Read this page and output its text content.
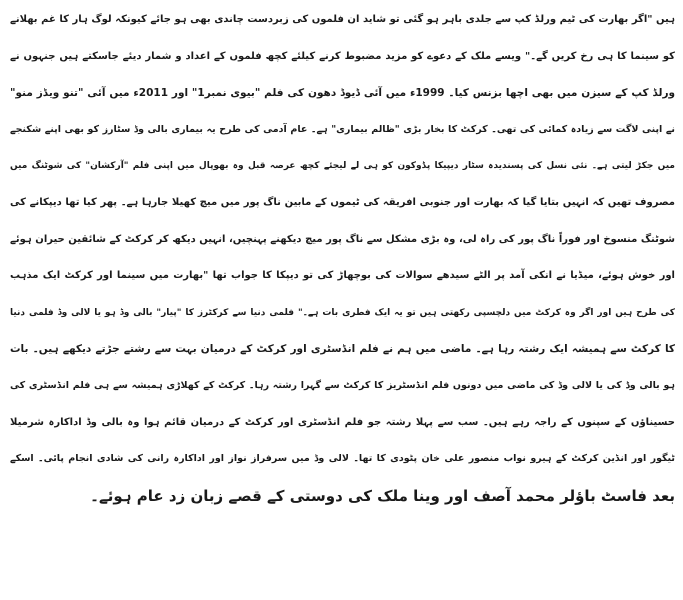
ہیں "اگر بھارت کی ٹیم ورلڈ کپ سے جلدی باہر ہو گئی تو شاید ان فلموں کی زبردست چاندی بھی ہو جائے کیونکہ لوگ ہار کا غم بھلانے
کو سینما کا ہی رخ کریں گے۔" ویسے ملک کے دعوے کو مزید مضبوط کرنے کیلئے کچھ فلموں کے اعداد و شمار دیئے جاسکتے ہیں جنہوں نے
ورلڈ کپ کے سیزن میں بھی اچھا بزنس کیا۔ 1999ء میں آئی ڈیوڈ دھون کی فلم "بیوی نمبر1" اور 2011ء میں آئی "تنو ویڈز منو"
نے اپنی لاگت سے زیادہ کمائی کی تھی۔ کرکٹ کا بخار بڑی "ظالم بیماری" ہے۔ عام آدمی کی طرح یہ بیماری بالی وڈ سٹارز کو بھی اپنے شکنجے
میں جکڑ لیتی ہے۔ نئی نسل کی پسندیدہ سٹار دیپیکا پڈوکون کو ہی لے لیجئے کچھ عرصہ قبل وہ بھوپال میں اپنی فلم "آرکشان" کی شوٹنگ میں
مصروف تھیں کہ انہیں بتایا گیا کہ بھارت اور جنوبی افریقہ کی ٹیموں کے مابین ناگ پور میں میچ کھیلا جارہا ہے۔ پھر کیا تھا دیپکانے کی
شوٹنگ منسوخ اور فوراً ناگ پور کی راہ لی، وہ بڑی مشکل سے ناگ پور میچ دیکھنے پہنچیں، انہیں دیکھ کر کرکٹ کے شائقین حیران ہوئے
اور خوش ہوئے، میڈیا نے انکی آمد پر الٹے سیدھے سوالات کی بوچھاڑ کی تو دیپکا کا جواب تھا "بھارت میں سینما اور کرکٹ ایک مذہب
کی طرح ہیں اور اگر وہ کرکٹ میں دلچسپی رکھتی ہیں تو یہ ایک فطری بات ہے۔" فلمی دنیا سے کرکٹرز کا "پیار" بالی وڈ ہو یا لالی وڈ فلمی دنیا
کا کرکٹ سے ہمیشہ ایک رشتہ رہا ہے۔ ماضی میں ہم نے فلم انڈسٹری اور کرکٹ کے درمیان بہت سے رشتے جڑتے دیکھے ہیں۔ بات
ہو بالی وڈ کی یا لالی وڈ کی ماضی میں دونوں فلم انڈسٹریز کا کرکٹ سے گہرا رشتہ رہا۔ کرکٹ کے کھلاڑی ہمیشہ سے ہی فلم انڈسٹری کی
حسیناؤں کے سپنوں کے راجہ رہے ہیں۔ سب سے پہلا رشتہ جو فلم انڈسٹری اور کرکٹ کے درمیان قائم ہوا وہ بالی وڈ اداکارہ شرمیلا
ٹیگور اور انڈین کرکٹ کے ہیرو نواب منصور علی خان پٹودی کا تھا۔ لالی وڈ میں سرفراز نواز اور اداکارہ رانی کی شادی انجام پائی۔ اسکے
بعد فاسٹ باؤلر محمد آصف اور وینا ملک کی دوستی کے قصے زبان زد عام ہوئے۔
